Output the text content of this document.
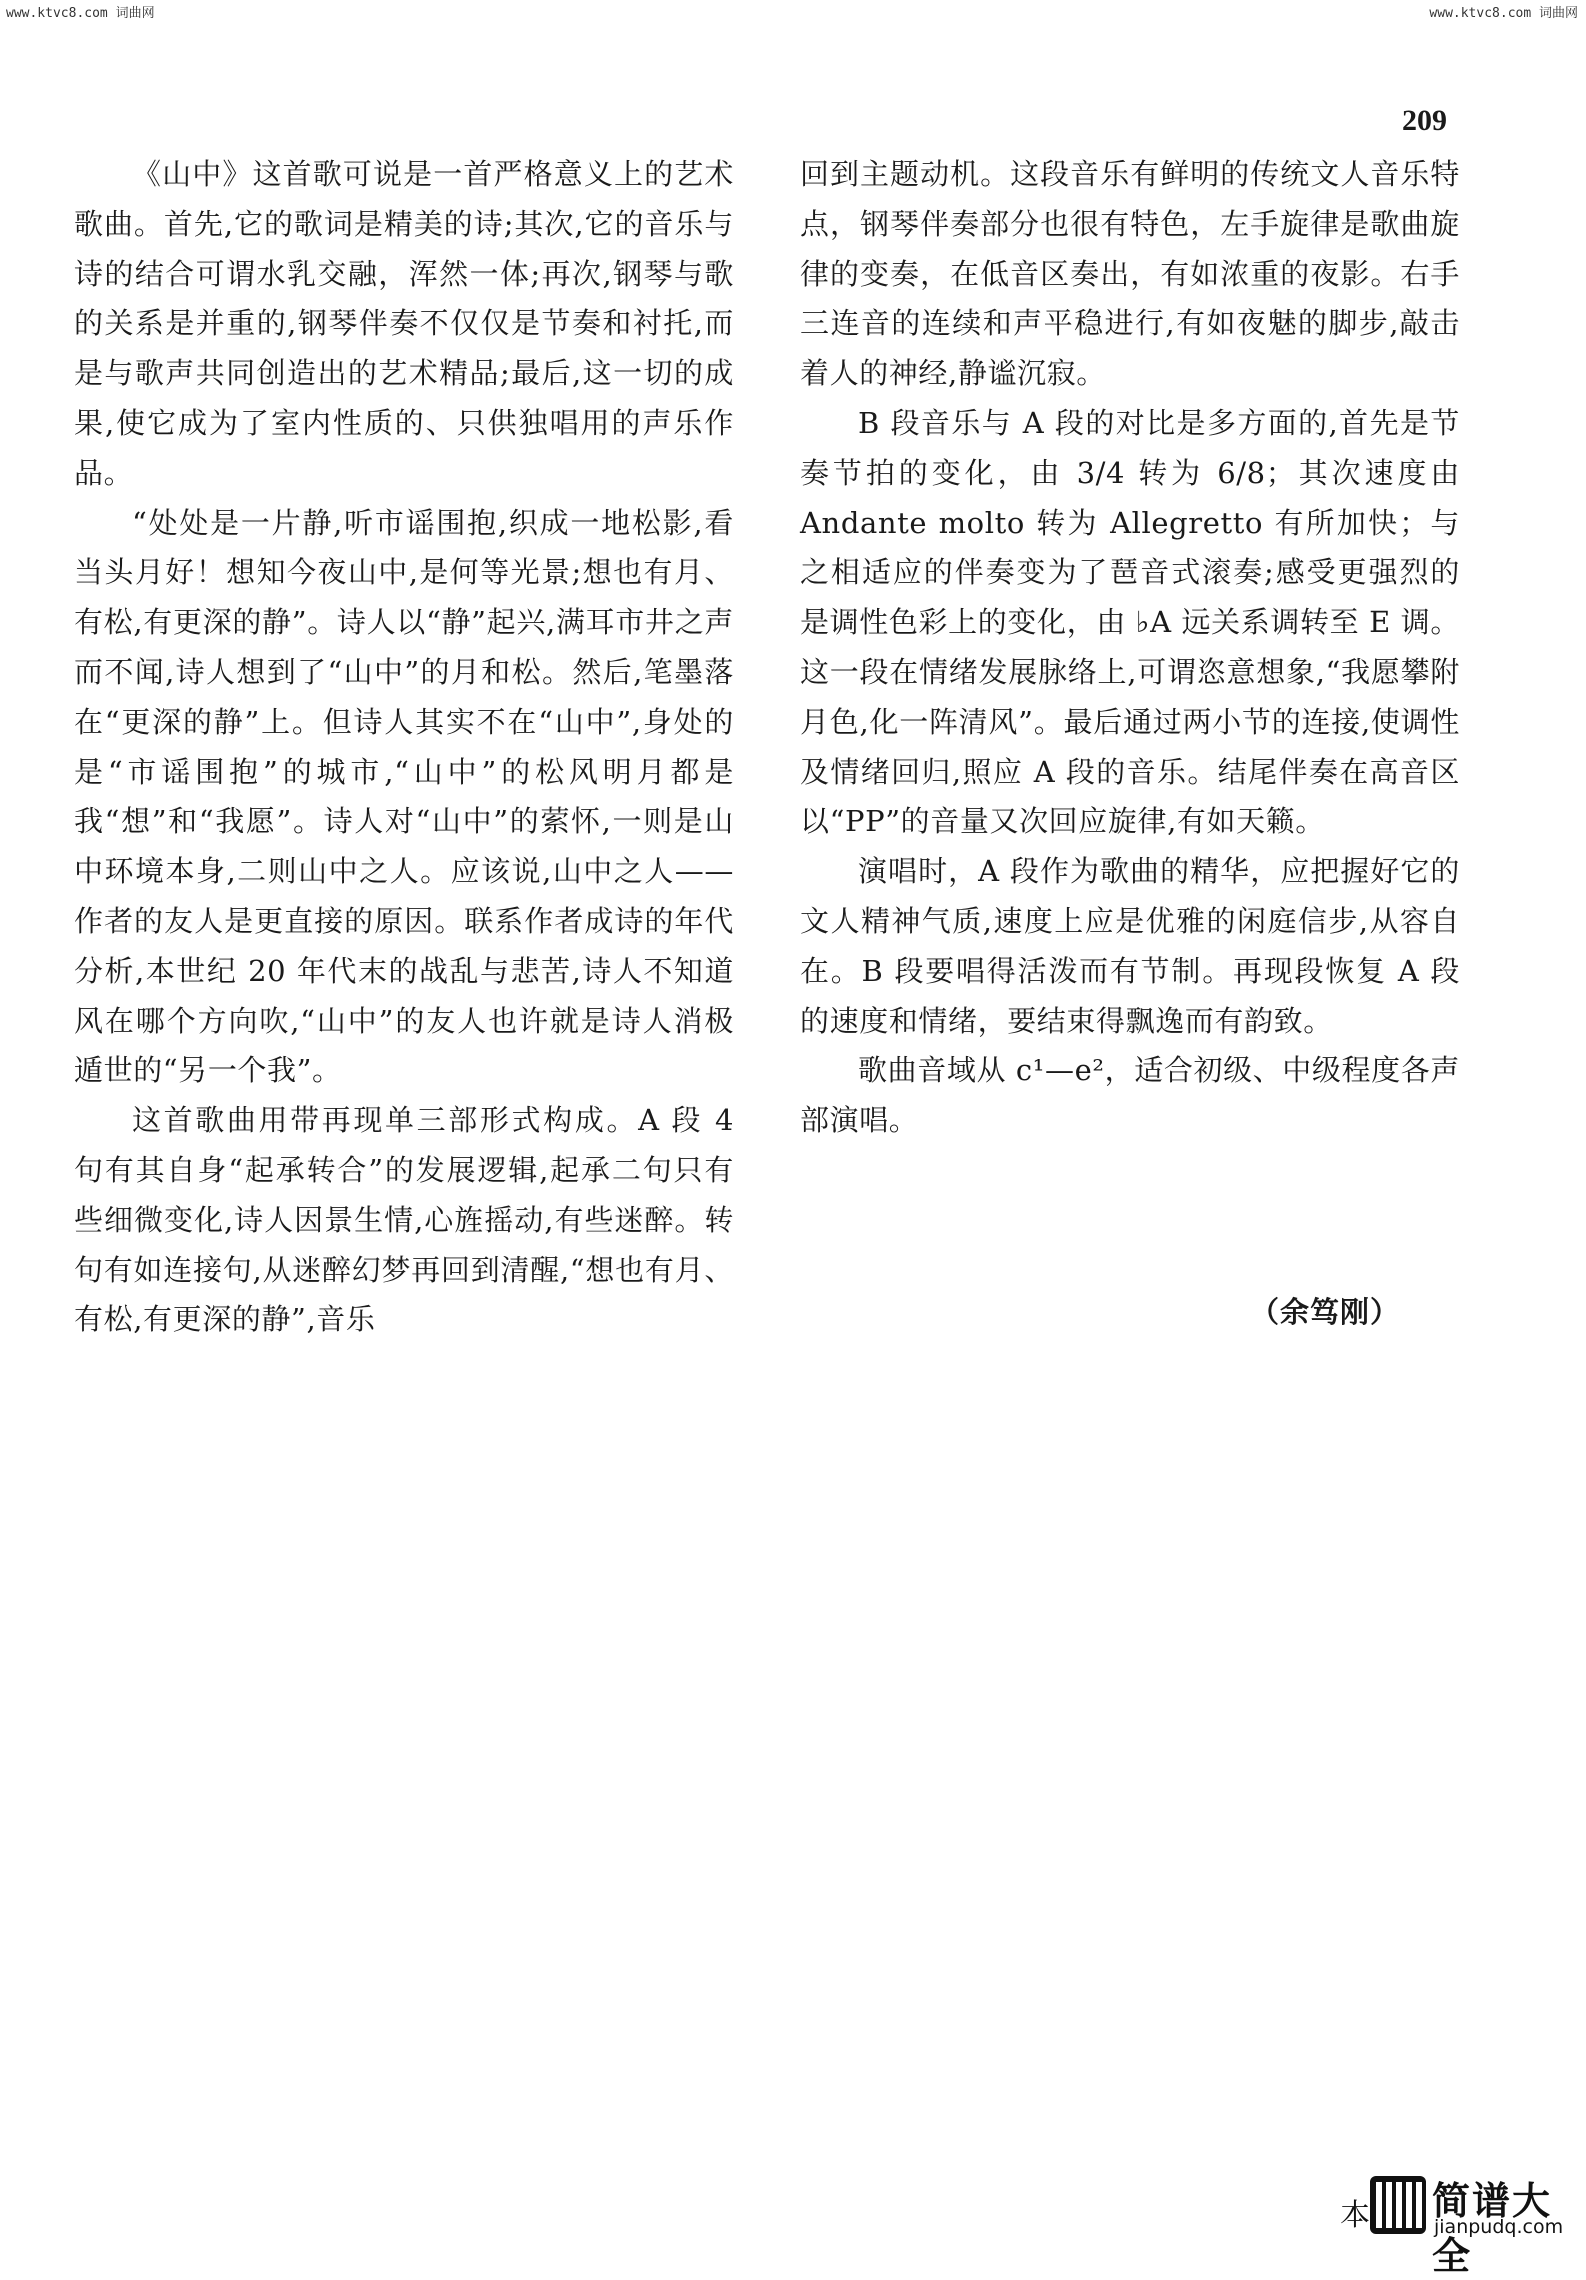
www.ktvc8.com 词曲网	www.ktvc8.com 词曲网
209

《山中》这首歌可说是一首严格意义上的艺术歌曲。首先,它的歌词是精美的诗;其次,它的音乐与诗的结合可谓水乳交融，浑然一体;再次,钢琴与歌的关系是并重的,钢琴伴奏不仅仅是节奏和衬托,而是与歌声共同创造出的艺术精品;最后,这一切的成果,使它成为了室内性质的、只供独唱用的声乐作品。

“处处是一片静,听市谣围抱,织成一地松影,看当头月好！想知今夜山中,是何等光景;想也有月、有松,有更深的静”。诗人以“静”起兴,满耳市井之声而不闻,诗人想到了“山中”的月和松。然后,笔墨落在“更深的静”上。但诗人其实不在“山中”,身处的是“市谣围抱”的城市,“山中”的松风明月都是我“想”和“我愿”。诗人对“山中”的萦怀,一则是山中环境本身,二则山中之人。应该说,山中之人——作者的友人是更直接的原因。联系作者成诗的年代分析,本世纪 20 年代末的战乱与悲苦,诗人不知道风在哪个方向吹,“山中”的友人也许就是诗人消极遁世的“另一个我”。

这首歌曲用带再现单三部形式构成。A 段 4 句有其自身“起承转合”的发展逻辑,起承二句只有些细微变化,诗人因景生情,心旌摇动,有些迷醉。转句有如连接句,从迷醉幻梦再回到清醒,“想也有月、有松,有更深的静”,音乐

回到主题动机。这段音乐有鲜明的传统文人音乐特点，钢琴伴奏部分也很有特色，左手旋律是歌曲旋律的变奏，在低音区奏出，有如浓重的夜影。右手三连音的连续和声平稳进行,有如夜魅的脚步,敲击着人的神经,静谧沉寂。

B 段音乐与 A 段的对比是多方面的,首先是节奏节拍的变化，由 3/4 转为 6/8；其次速度由 Andante molto 转为 Allegretto 有所加快；与之相适应的伴奏变为了琶音式滚奏;感受更强烈的是调性色彩上的变化，由 ♭A 远关系调转至 E 调。这一段在情绪发展脉络上,可谓恣意想象,“我愿攀附月色,化一阵清风”。最后通过两小节的连接,使调性及情绪回归,照应 A 段的音乐。结尾伴奏在高音区以“PP”的音量又次回应旋律,有如天籁。

演唱时，A 段作为歌曲的精华，应把握好它的文人精神气质,速度上应是优雅的闲庭信步,从容自在。B 段要唱得活泼而有节制。再现段恢复 A 段的速度和情绪，要结束得飘逸而有韵致。

歌曲音域从 c¹—e²，适合初级、中级程度各声部演唱。

（余笃刚）
本 简谱大全
jianpudq.com
